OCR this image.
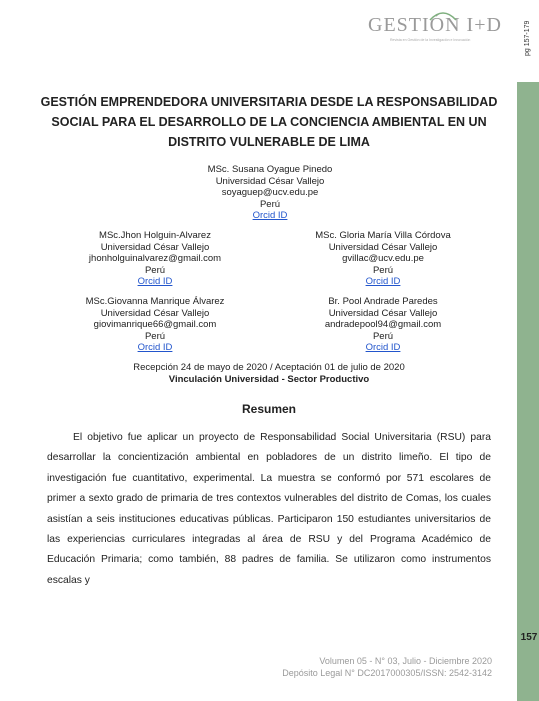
pg 157-179
157
GESTIÓN I+D
Revista en Gestión de la Investigación e Innovación
GESTIÓN EMPRENDEDORA UNIVERSITARIA DESDE LA RESPONSABILIDAD SOCIAL PARA EL DESARROLLO DE LA CONCIENCIA AMBIENTAL EN UN DISTRITO VULNERABLE DE LIMA
MSc. Susana Oyague Pinedo
Universidad César Vallejo
soyaguep@ucv.edu.pe
Perú
Orcid ID
MSc.Jhon Holguin-Alvarez
Universidad César Vallejo
jhonholguinalvarez@gmail.com
Perú
Orcid ID
MSc. Gloria María Villa Córdova
Universidad César Vallejo
gvillac@ucv.edu.pe
Perú
Orcid ID
MSc.Giovanna Manrique Álvarez
Universidad César Vallejo
giovimanrique66@gmail.com
Perú
Orcid ID
Br. Pool Andrade Paredes
Universidad César Vallejo
andradepool94@gmail.com
Perú
Orcid ID
Recepción 24 de mayo de 2020 / Aceptación 01 de julio de 2020
Vinculación Universidad - Sector Productivo
Resumen
El objetivo fue aplicar un proyecto de Responsabilidad Social Universitaria (RSU) para desarrollar la concientización ambiental en pobladores de un distrito limeño. El tipo de investigación fue cuantitativo, experimental. La muestra se conformó por 571 escolares de primer a sexto grado de primaria de tres contextos vulnerables del distrito de Comas, los cuales asistían a seis instituciones educativas públicas. Participaron 150 estudiantes universitarios de las experiencias curriculares integradas al área de RSU y del Programa Académico de Educación Primaria; como también, 88 padres de familia. Se utilizaron como instrumentos escalas y
Volumen 05 - N° 03, Julio - Diciembre 2020
Depósito Legal N° DC2017000305/ISSN: 2542-3142
